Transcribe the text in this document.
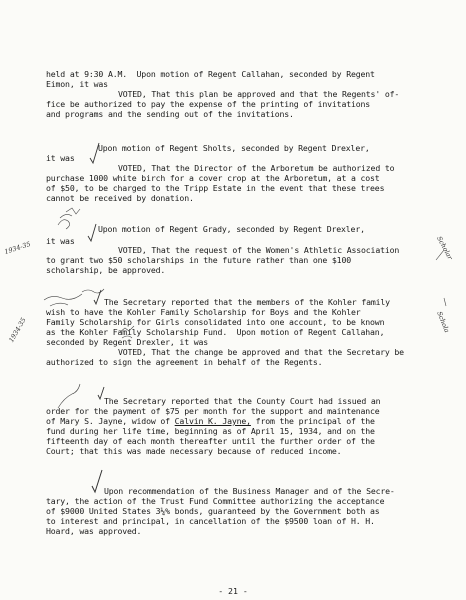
held at 9:30 A.M.  Upon motion of Regent Callahan, seconded by Regent
Eimon, it was
VOTED, That this plan be approved and that the Regents' of-
fice be authorized to pay the expense of the printing of invitations
and programs and the sending out of the invitations.
Upon motion of Regent Sholts, seconded by Regent Drexler,
it was
VOTED, That the Director of the Arboretum be authorized to
purchase 1000 white birch for a cover crop at the Arboretum, at a cost
of $50, to be charged to the Tripp Estate in the event that these trees
cannot be received by donation.
Upon motion of Regent Grady, seconded by Regent Drexler,
it was
VOTED, That the request of the Women's Athletic Association
to grant two $50 scholarships in the future rather than one $100
scholarship, be approved.
The Secretary reported that the members of the Kohler family
wish to have the Kohler Family Scholarship for Boys and the Kohler
Family Scholarship for Girls consolidated into one account, to be known
as the Kohler Family Scholarship Fund.  Upon motion of Regent Callahan,
seconded by Regent Drexler, it was
VOTED, That the change be approved and that the Secretary be
authorized to sign the agreement in behalf of the Regents.
The Secretary reported that the County Court had issued an
order for the payment of $75 per month for the support and maintenance
of Mary S. Jayne, widow of Calvin K. Jayne, from the principal of the
fund during her life time, beginning as of April 15, 1934, and on the
fifteenth day of each month thereafter until the further order of the
Court; that this was made necessary because of reduced income.
Upon recommendation of the Business Manager and of the Secre-
tary, the action of the Trust Fund Committee authorizing the acceptance
of $9000 United States 3¼% bonds, guaranteed by the Government both as
to interest and principal, in cancellation of the $9500 loan of H. H.
Hoard, was approved.
1934-35	Scholar
1934-35	Schola
- 21 -
